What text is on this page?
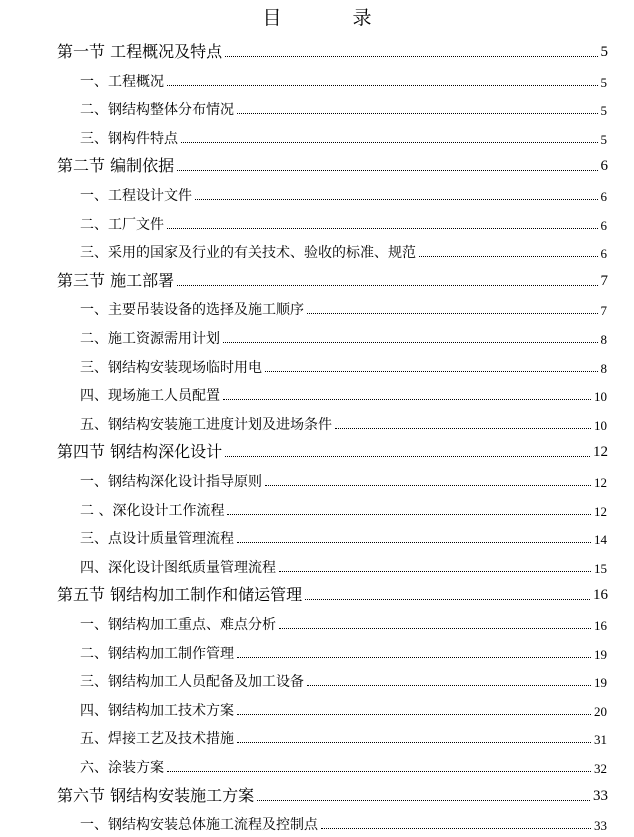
目　录
第一节 工程概况及特点	5
一、工程概况	5
二、钢结构整体分布情况	5
三、钢构件特点	5
第二节 编制依据	6
一、工程设计文件	6
二、工厂文件	6
三、采用的国家及行业的有关技术、验收的标准、规范	6
第三节 施工部署	7
一、主要吊装设备的选择及施工顺序	7
二、施工资源需用计划	8
三、钢结构安装现场临时用电	8
四、现场施工人员配置	10
五、钢结构安装施工进度计划及进场条件	10
第四节 钢结构深化设计	12
一、钢结构深化设计指导原则	12
二 、深化设计工作流程	12
三、点设计质量管理流程	14
四、深化设计图纸质量管理流程	15
第五节 钢结构加工制作和储运管理	16
一、钢结构加工重点、难点分析	16
二、钢结构加工制作管理	19
三、钢结构加工人员配备及加工设备	19
四、钢结构加工技术方案	20
五、焊接工艺及技术措施	31
六、涂装方案	32
第六节 钢结构安装施工方案	33
一、钢结构安装总体施工流程及控制点	33
